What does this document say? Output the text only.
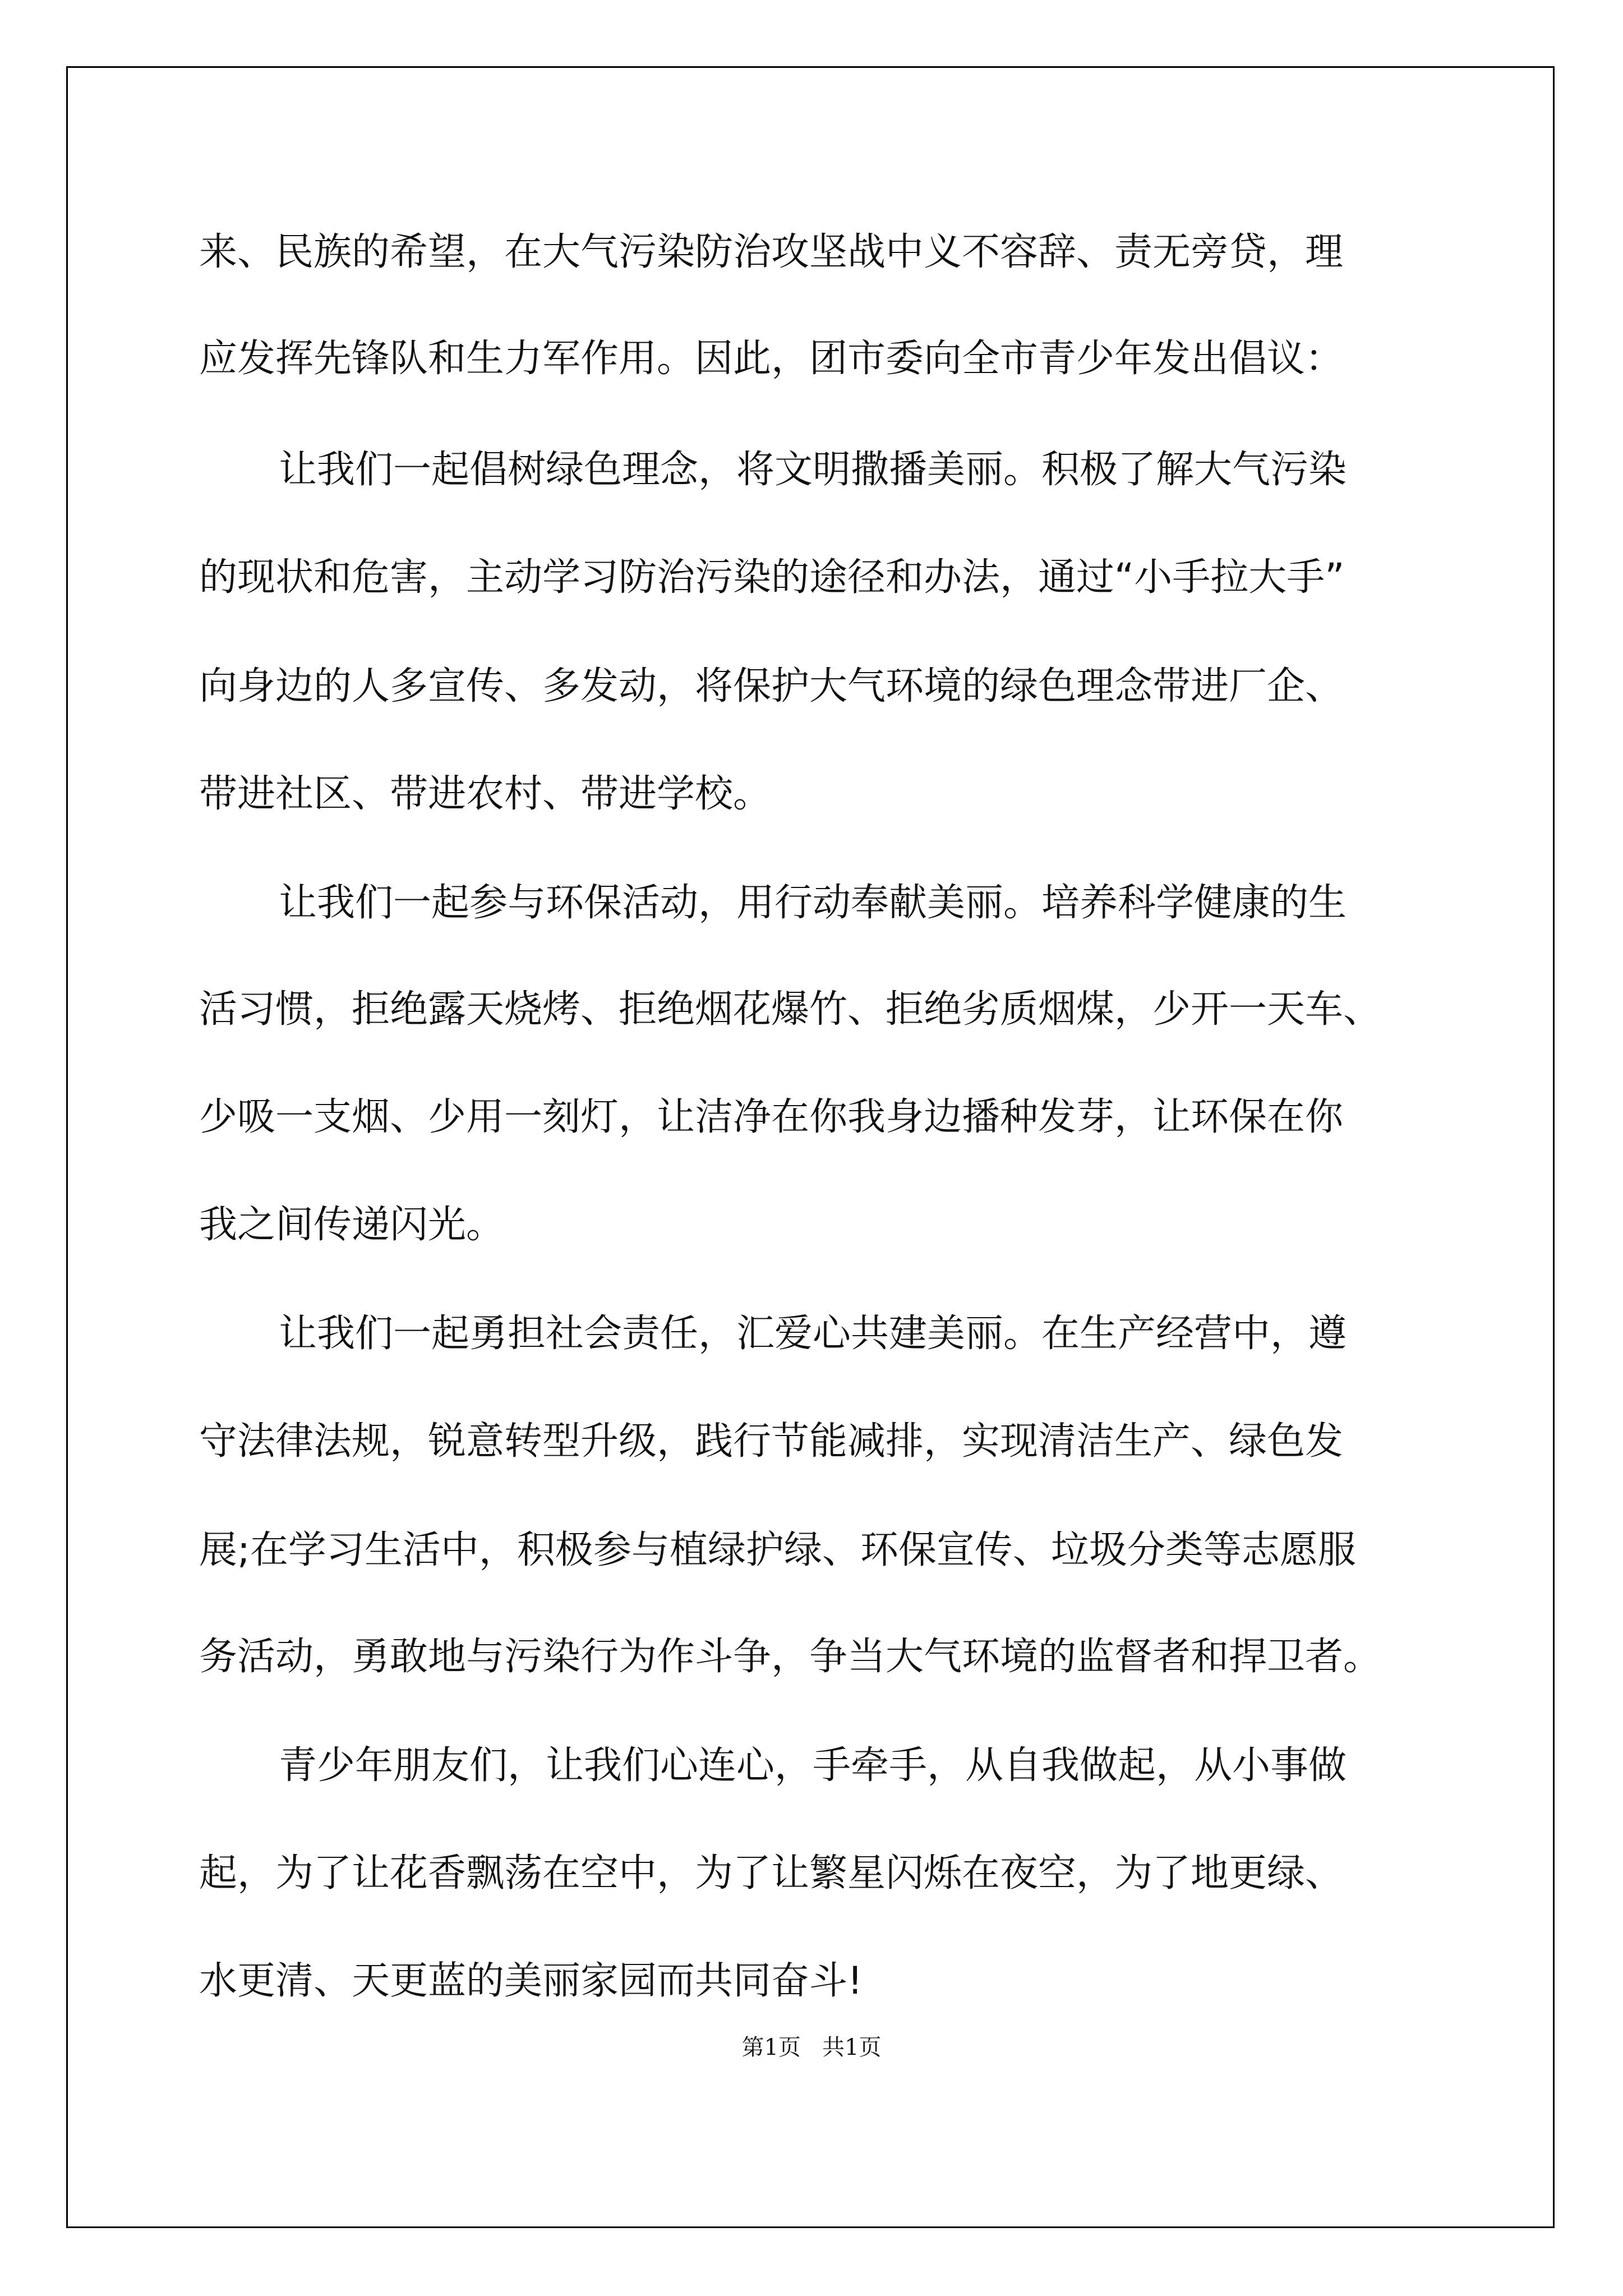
来、民族的希望，在大气污染防治攻坚战中义不容辞、责无旁贷，理

应发挥先锋队和生力军作用。因此，团市委向全市青少年发出倡议：

让我们一起倡树绿色理念，将文明撒播美丽。积极了解大气污染

的现状和危害，主动学习防治污染的途径和办法，通过“小手拉大手”

向身边的人多宣传、多发动，将保护大气环境的绿色理念带进厂企、

带进社区、带进农村、带进学校。

让我们一起参与环保活动，用行动奉献美丽。培养科学健康的生

活习惯，拒绝露天烧烤、拒绝烟花爆竹、拒绝劣质烟煤，少开一天车、

少吸一支烟、少用一刻灯，让洁净在你我身边播种发芽，让环保在你

我之间传递闪光。

让我们一起勇担社会责任，汇爱心共建美丽。在生产经营中，遵

守法律法规，锐意转型升级，践行节能减排，实现清洁生产、绿色发

展;在学习生活中，积极参与植绿护绿、环保宣传、垃圾分类等志愿服

务活动，勇敢地与污染行为作斗争，争当大气环境的监督者和捍卫者。

青少年朋友们，让我们心连心，手牵手，从自我做起，从小事做

起，为了让花香飘荡在空中，为了让繁星闪烁在夜空，为了地更绿、

水更清、天更蓝的美丽家园而共同奋斗!

第1页   共1页
